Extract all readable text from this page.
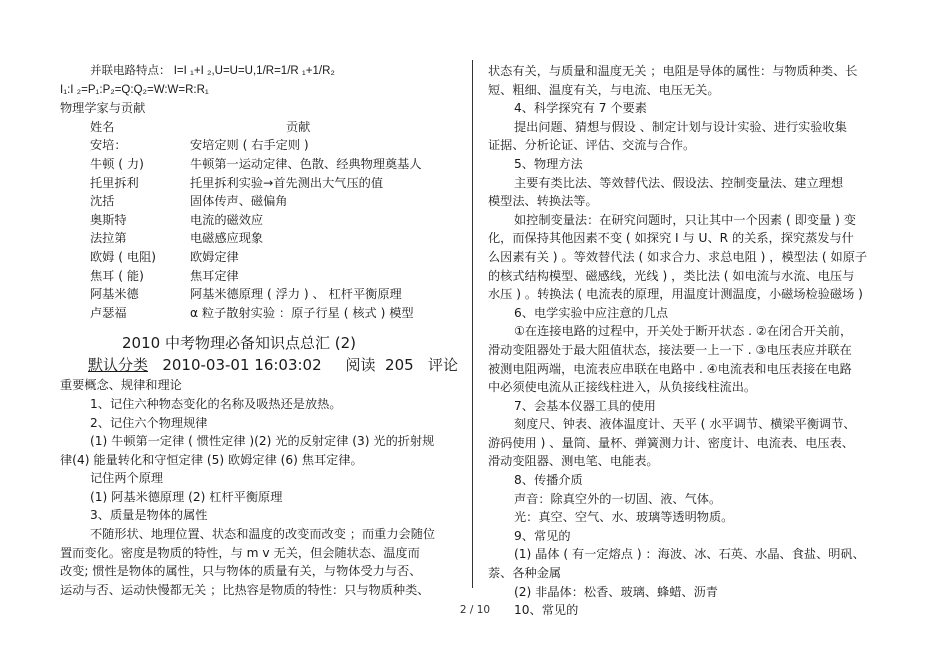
并联电路特点： I=I ₁+I ₂,U=U=U,1/R=1/R ₁+1/R₂
I₁:I ₂=P₁:P₂=Q:Q₂=W:W=R:R₁
物理学家与贡献
姓名	贡献
安培：	安培定则 ( 右手定则 )
牛顿 ( 力)	牛顿第一运动定律、色散、经典物理奠基人
托里拆利	托里拆利实验→首先测出大气压的值
沈括	固体传声、磁偏角
奥斯特	电流的磁效应
法拉第	电磁感应现象
欧姆 ( 电阻)	欧姆定律
焦耳 ( 能)	焦耳定律
阿基米德	阿基米德原理 ( 浮力 ) 、 杠杆平衡原理
卢瑟福	α 粒子散射实验 ：原子行星 ( 核式 ) 模型
2010 中考物理必备知识点总汇 (2)
默认分类 2010-03-01 16:03:02 阅读 205 评论
重要概念、规律和理论
1、记住六种物态变化的名称及吸热还是放热。
2、记住六个物理规律
(1) 牛顿第一定律 ( 惯性定律 )(2) 光的反射定律 (3) 光的折射规
律(4) 能量转化和守恒定律 (5) 欧姆定律 (6) 焦耳定律。
记住两个原理
(1) 阿基米德原理 (2) 杠杆平衡原理
3、质量是物体的属性
不随形状、地理位置、状态和温度的改变而改变 ；而重力会随位
置而变化。密度是物质的特性，与 m v 无关，但会随状态、温度而
改变; 惯性是物体的属性，只与物体的质量有关，与物体受力与否、
运动与否、运动快慢都无关 ；比热容是物质的特性：只与物质种类、
状态有关，与质量和温度无关 ；电阻是导体的属性：与物质种类、长
短、粗细、温度有关，与电流、电压无关。
4、科学探究有 7 个要素
提出问题、猜想与假设 、制定计划与设计实验、进行实验收集
证据、分析论证、评估、交流与合作。
5、物理方法
主要有类比法、等效替代法、假设法、控制变量法、建立理想
模型法、转换法等。
如控制变量法：在研究问题时，只让其中一个因素 ( 即变量 ) 变
化，而保持其他因素不变 ( 如探究 I 与 U、R 的关系，探究蒸发与什
么因素有关 ) 。等效替代法 ( 如求合力、求总电阻 ) ，模型法 ( 如原子
的核式结构模型、磁感线，光线 ) ，类比法 ( 如电流与水流、电压与
水压 ) 。转换法 ( 电流表的原理，用温度计测温度，小磁场检验磁场 )
6、电学实验中应注意的几点
①在连接电路的过程中，开关处于断开状态 . ②在闭合开关前，
滑动变阻器处于最大阻值状态，接法要一上一下 . ③电压表应并联在
被测电阻两端，电流表应串联在电路中 . ④电流表和电压表接在电路
中必须使电流从正接线柱进入，从负接线柱流出。
7、会基本仪器工具的使用
刻度尺、钟表、液体温度计、天平 ( 水平调节、横梁平衡调节、
游码使用 ) 、量筒、量杯、弹簧测力计、密度计、电流表、电压表、
滑动变阻器、测电笔、电能表。
8、传播介质
声音：除真空外的一切固、液、气体。
光：真空、空气、水、玻璃等透明物质。
9、常见的
(1) 晶体 ( 有一定熔点 ) ：海波、冰、石英、水晶、食盐、明矾、
萘、各种金属
(2) 非晶体：松香、玻璃、蜂蜡、沥青
10、常见的
2 / 10
